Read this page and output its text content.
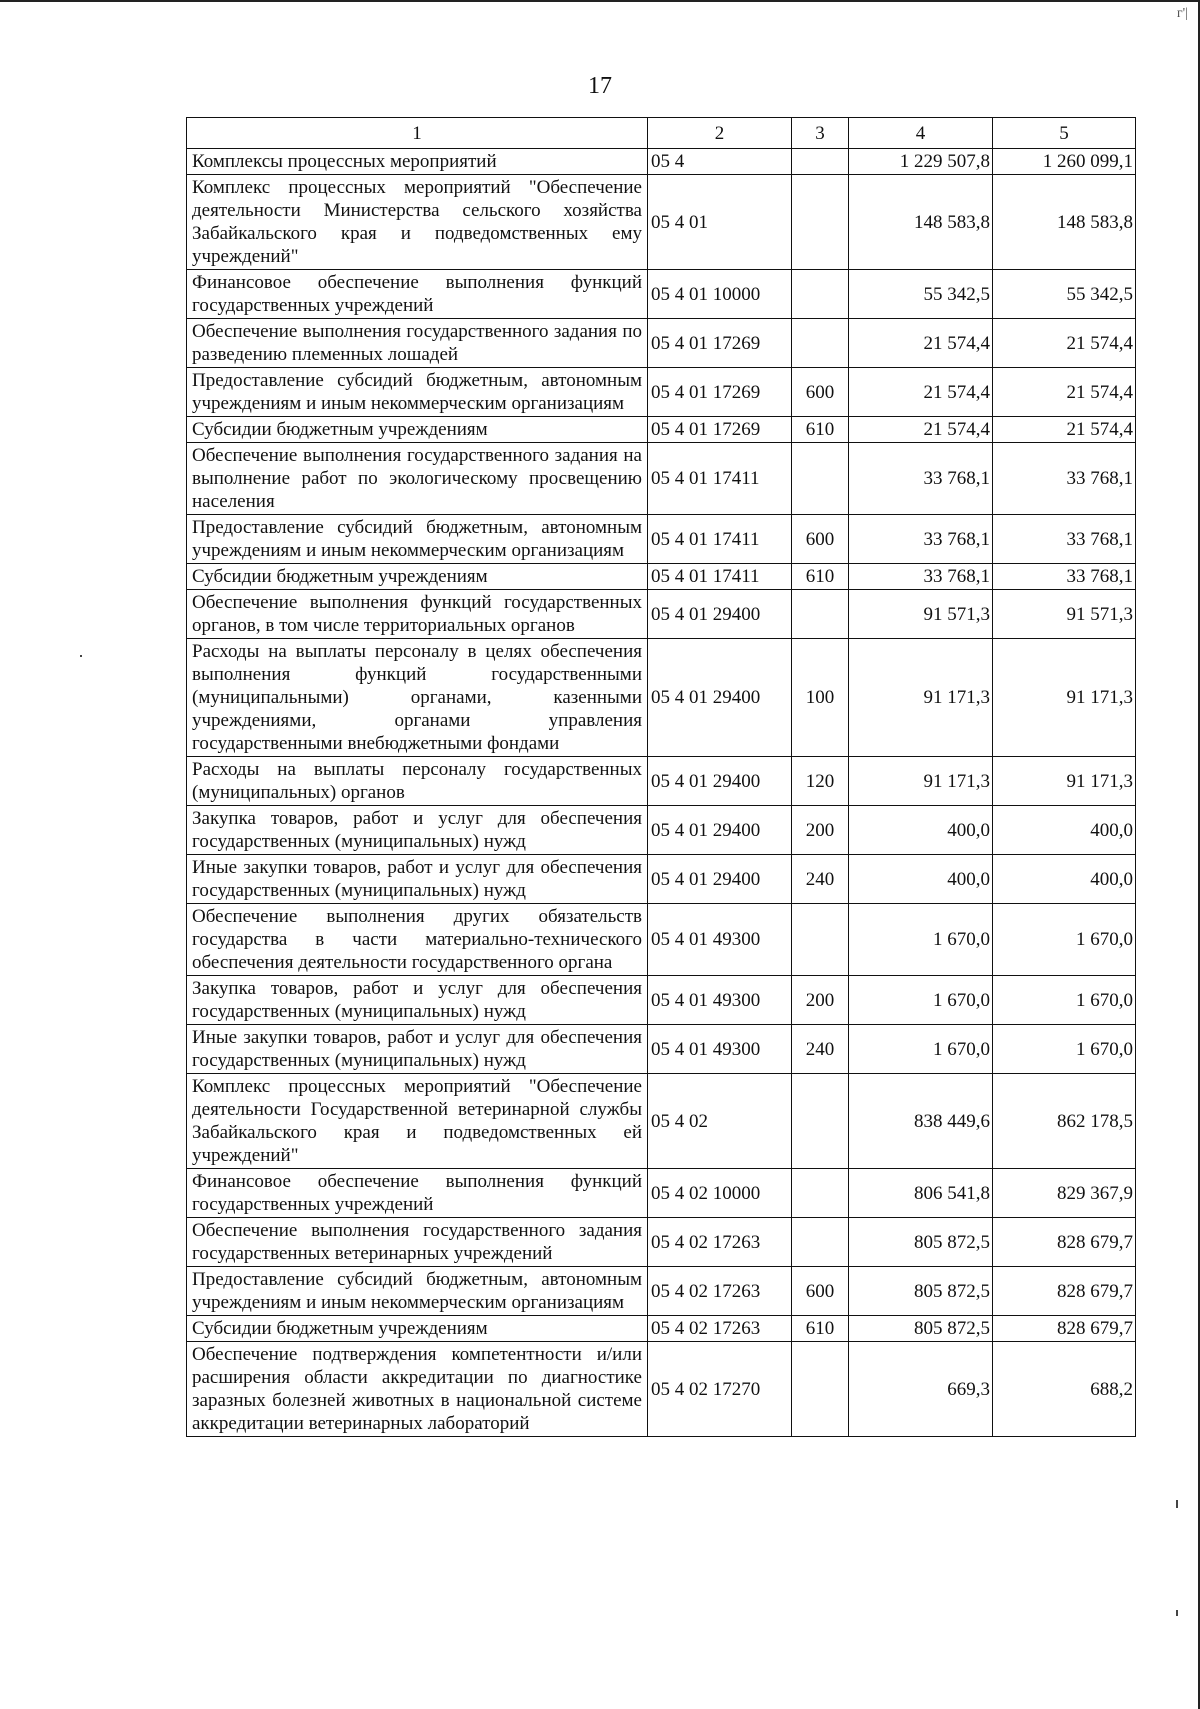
г'|
17
1	2	3	4	5
Комплексы процессных мероприятий	05 4		1 229 507,8	1 260 099,1
Комплекс процессных мероприятий "Обеспечение деятельности Министерства сельского хозяйства Забайкальского края и подведомственных ему учреждений"	05 4 01		148 583,8	148 583,8
Финансовое обеспечение выполнения функций государственных учреждений	05 4 01 10000		55 342,5	55 342,5
Обеспечение выполнения государственного задания по разведению племенных лошадей	05 4 01 17269		21 574,4	21 574,4
Предоставление субсидий бюджетным, автономным учреждениям и иным некоммерческим организациям	05 4 01 17269	600	21 574,4	21 574,4
Субсидии бюджетным учреждениям	05 4 01 17269	610	21 574,4	21 574,4
Обеспечение выполнения государственного задания на выполнение работ по экологическому просвещению населения	05 4 01 17411		33 768,1	33 768,1
Предоставление субсидий бюджетным, автономным учреждениям и иным некоммерческим организациям	05 4 01 17411	600	33 768,1	33 768,1
Субсидии бюджетным учреждениям	05 4 01 17411	610	33 768,1	33 768,1
Обеспечение выполнения функций государственных органов, в том числе территориальных органов	05 4 01 29400		91 571,3	91 571,3
Расходы на выплаты персоналу в целях обеспечения выполнения функций государственными (муниципальными) органами, казенными учреждениями, органами управления государственными внебюджетными фондами	05 4 01 29400	100	91 171,3	91 171,3
Расходы на выплаты персоналу государственных (муниципальных) органов	05 4 01 29400	120	91 171,3	91 171,3
Закупка товаров, работ и услуг для обеспечения государственных (муниципальных) нужд	05 4 01 29400	200	400,0	400,0
Иные закупки товаров, работ и услуг для обеспечения государственных (муниципальных) нужд	05 4 01 29400	240	400,0	400,0
Обеспечение выполнения других обязательств государства в части материально-технического обеспечения деятельности государственного органа	05 4 01 49300		1 670,0	1 670,0
Закупка товаров, работ и услуг для обеспечения государственных (муниципальных) нужд	05 4 01 49300	200	1 670,0	1 670,0
Иные закупки товаров, работ и услуг для обеспечения государственных (муниципальных) нужд	05 4 01 49300	240	1 670,0	1 670,0
Комплекс процессных мероприятий "Обеспечение деятельности Государственной ветеринарной службы Забайкальского края и подведомственных ей учреждений"	05 4 02		838 449,6	862 178,5
Финансовое обеспечение выполнения функций государственных учреждений	05 4 02 10000		806 541,8	829 367,9
Обеспечение выполнения государственного задания государственных ветеринарных учреждений	05 4 02 17263		805 872,5	828 679,7
Предоставление субсидий бюджетным, автономным учреждениям и иным некоммерческим организациям	05 4 02 17263	600	805 872,5	828 679,7
Субсидии бюджетным учреждениям	05 4 02 17263	610	805 872,5	828 679,7
Обеспечение подтверждения компетентности и/или расширения области аккредитации по диагностике заразных болезней животных в национальной системе аккредитации ветеринарных лабораторий	05 4 02 17270		669,3	688,2
